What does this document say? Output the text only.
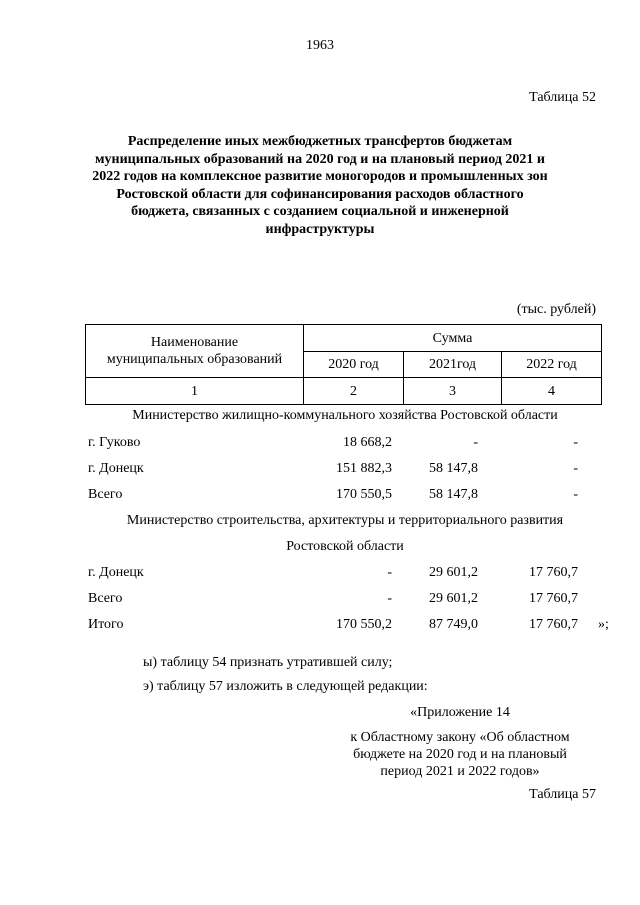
1963
Таблица 52
Распределение иных межбюджетных трансфертов бюджетам
муниципальных образований на 2020 год и на плановый период 2021 и
2022 годов на комплексное развитие моногородов и промышленных зон
Ростовской области для софинансирования расходов областного
бюджета, связанных с созданием социальной и инженерной
инфраструктуры
(тыс. рублей)
Наименование муниципальных образований	Сумма		
	2020 год	2021год	2022 год
1	2	3	4
Министерство жилищно-коммунального хозяйства Ростовской области
г. Гуково	18 668,2	-	-
г. Донецк	151 882,3	58 147,8	-
Всего	170 550,5	58 147,8	-
Министерство строительства, архитектуры и территориального развития
Ростовской области
г. Донецк	-	29 601,2	17 760,7
Всего	-	29 601,2	17 760,7
Итого	170 550,2	87 749,0	17 760,7 »;
ы) таблицу 54 признать утратившей силу;
э) таблицу 57 изложить в следующей редакции:
«Приложение 14
к Областному закону «Об областном
бюджете на 2020 год и на плановый
период 2021 и 2022 годов»
Таблица 57
